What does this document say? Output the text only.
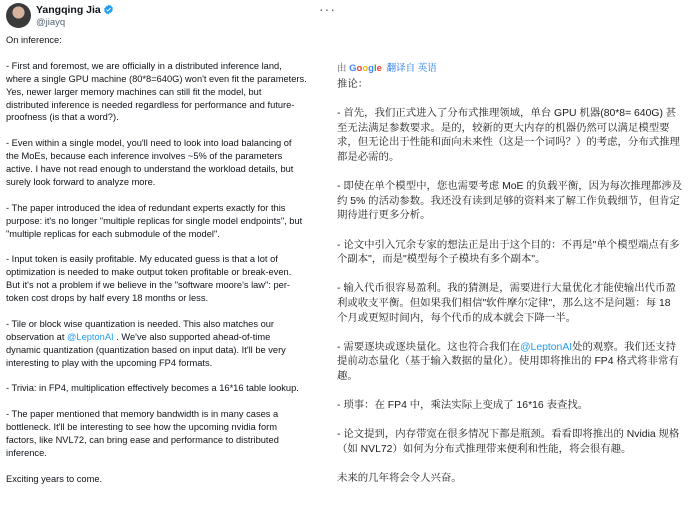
Yangqing Jia
@jiayq
···

On inference:

- First and foremost, we are officially in a distributed inference land,
where a single GPU machine (80*8=640G) won't even fit the parameters.
Yes, newer larger memory machines can still fit the model, but
distributed inference is needed regardless for performance and future-
proofness (is that a word?).

- Even within a single model, you'll need to look into load balancing of
the MoEs, because each inference involves ~5% of the parameters
active. I have not read enough to understand the workload details, but
surely look forward to analyze more.

- The paper introduced the idea of redundant experts exactly for this
purpose: it's no longer "multiple replicas for single model endpoints", but
"multiple replicas for each submodule of the model".

- Input token is easily profitable. My educated guess is that a lot of
optimization is needed to make output token profitable or break-even.
But it's not a problem if we believe in the "software moore's law": per-
token cost drops by half every 18 months or less.

- Tile or block wise quantization is needed. This also matches our
observation at @LeptonAI . We've also supported ahead-of-time
dynamic quantization (quantization based on input data). It'll be very
interesting to play with the upcoming FP4 formats.

- Trivia: in FP4, multiplication effectively becomes a 16*16 table lookup.

- The paper mentioned that memory bandwidth is in many cases a
bottleneck. It'll be interesting to see how the upcoming nvidia form
factors, like NVL72, can bring ease and performance to distributed
inference.

Exciting years to come.

由 Google 翻译自 英语

推论：

- 首先，我们正式进入了分布式推理领域，单台 GPU 机器(80*8= 640G) 甚
至无法满足参数要求。是的，较新的更大内存的机器仍然可以满足模型要
求，但无论出于性能和面向未来性（这是一个词吗？）的考虑，分布式推理
都是必需的。

- 即使在单个模型中，您也需要考虑 MoE 的负载平衡，因为每次推理都涉及
约 5% 的活动参数。我还没有读到足够的资料来了解工作负载细节，但肯定
期待进行更多分析。

- 论文中引入冗余专家的想法正是出于这个目的：不再是"单个模型端点有多
个副本"，而是"模型每个子模块有多个副本"。

- 输入代币很容易盈利。我的猜测是，需要进行大量优化才能使输出代币盈
利或收支平衡。但如果我们相信"软件摩尔定律"，那么这不是问题：每 18
个月或更短时间内，每个代币的成本就会下降一半。

- 需要逐块或逐块量化。这也符合我们在@LeptonAI处的观察。我们还支持
提前动态量化（基于输入数据的量化）。使用即将推出的 FP4 格式将非常有
趣。

- 琐事：在 FP4 中，乘法实际上变成了 16*16 表查找。

- 论文提到，内存带宽在很多情况下都是瓶颈。看看即将推出的 Nvidia 规格
（如 NVL72）如何为分布式推理带来便利和性能，将会很有趣。

未来的几年将会令人兴奋。
